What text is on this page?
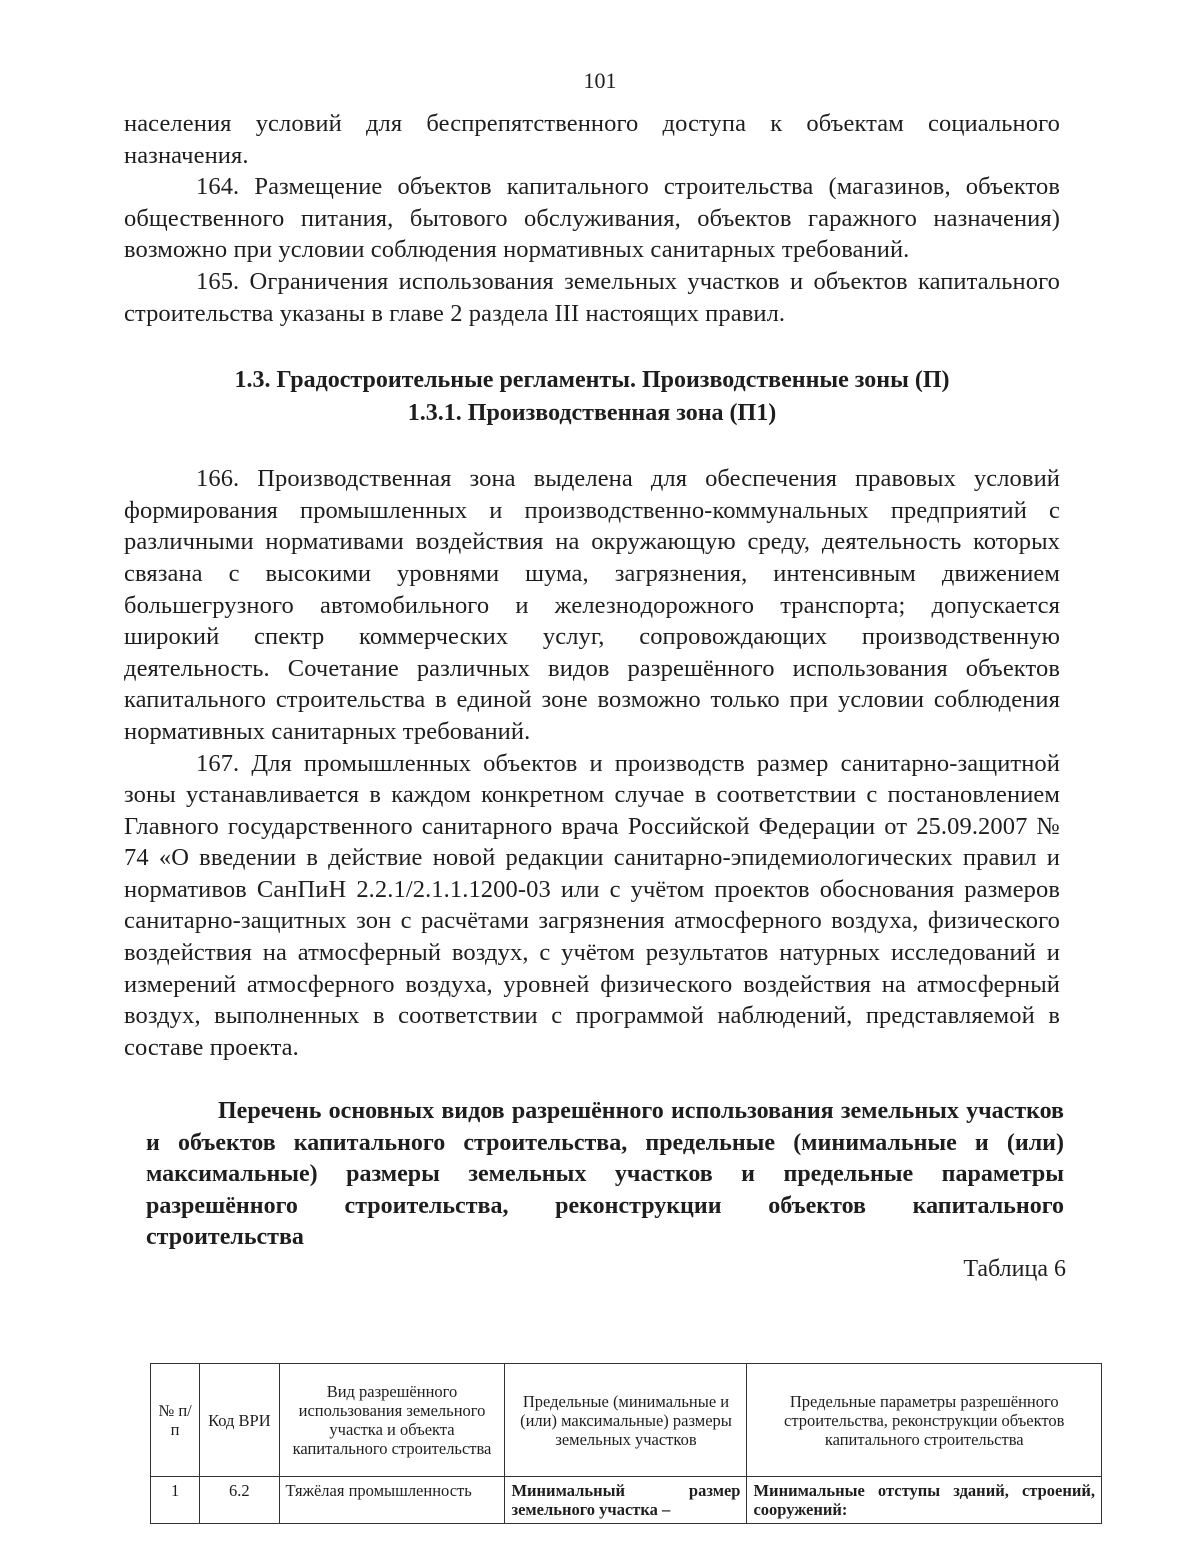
101

населения условий для беспрепятственного доступа к объектам социального назначения.

164. Размещение объектов капитального строительства (магазинов, объектов общественного питания, бытового обслуживания, объектов гаражного назначения) возможно при условии соблюдения нормативных санитарных требований.

165. Ограничения использования земельных участков и объектов капитального строительства указаны в главе 2 раздела III настоящих правил.

1.3. Градостроительные регламенты. Производственные зоны (П)
1.3.1. Производственная зона (П1)

166. Производственная зона выделена для обеспечения правовых условий формирования промышленных и производственно-коммунальных предприятий с различными нормативами воздействия на окружающую среду, деятельность которых связана с высокими уровнями шума, загрязнения, интенсивным движением большегрузного автомобильного и железнодорожного транспорта; допускается широкий спектр коммерческих услуг, сопровождающих производственную деятельность. Сочетание различных видов разрешённого использования объектов капитального строительства в единой зоне возможно только при условии соблюдения нормативных санитарных требований.

167. Для промышленных объектов и производств размер санитарно-защитной зоны устанавливается в каждом конкретном случае в соответствии с постановлением Главного государственного санитарного врача Российской Федерации от 25.09.2007 № 74 «О введении в действие новой редакции санитарно-эпидемиологических правил и нормативов СанПиН 2.2.1/2.1.1.1200-03 или с учётом проектов обоснования размеров санитарно-защитных зон с расчётами загрязнения атмосферного воздуха, физического воздействия на атмосферный воздух, с учётом результатов натурных исследований и измерений атмосферного воздуха, уровней физического воздействия на атмосферный воздух, выполненных в соответствии с программой наблюдений, представляемой в составе проекта.

Перечень основных видов разрешённого использования земельных участков и объектов капитального строительства, предельные (минимальные и (или) максимальные) размеры земельных участков и предельные параметры разрешённого строительства, реконструкции объектов капитального строительства
Таблица 6
№ п/п	Код ВРИ	Вид разрешённого использования земельного участка и объекта капитального строительства	Предельные (минимальные и (или) максимальные) размеры земельных участков	Предельные параметры разрешённого строительства, реконструкции объектов капитального строительства
1	6.2	Тяжёлая промышленность	Минимальный размер земельного участка –	Минимальные отступы зданий, строений, сооружений:
